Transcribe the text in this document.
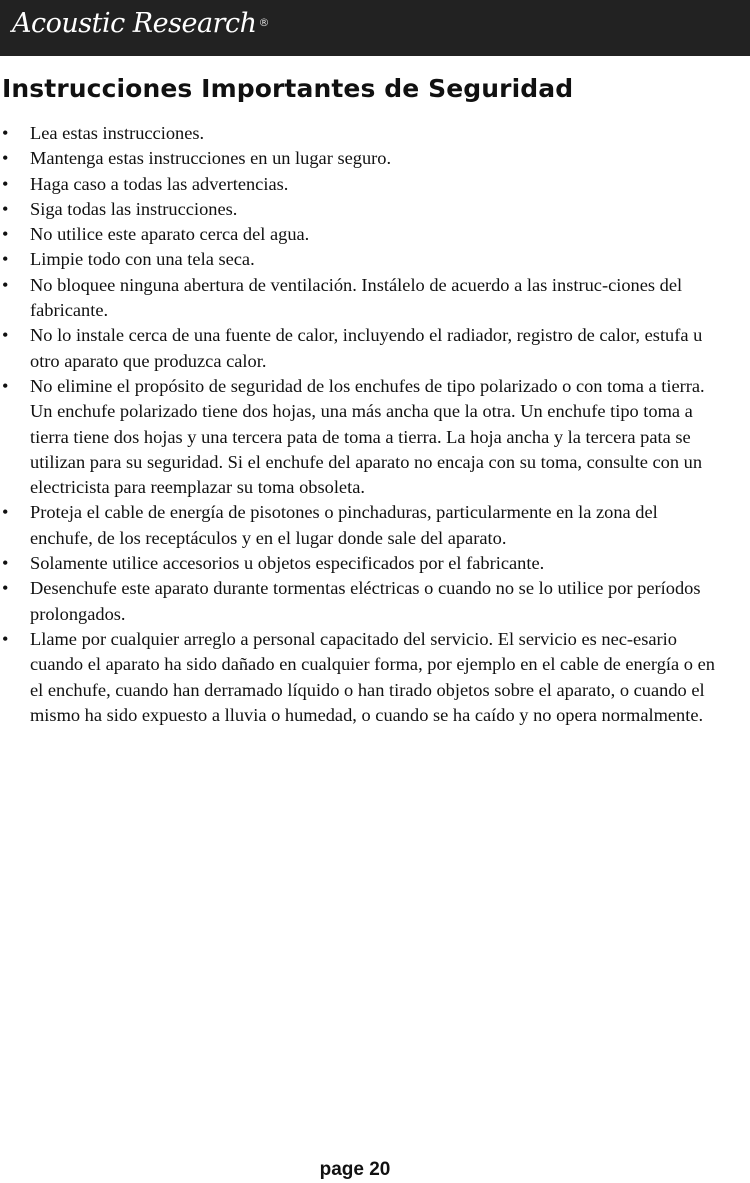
Acoustic Research ®
Instrucciones Importantes de Seguridad
• Lea estas instrucciones.
• Mantenga estas instrucciones en un lugar seguro.
• Haga caso a todas las advertencias.
• Siga todas las instrucciones.
• No utilice este aparato cerca del agua.
• Limpie todo con una tela seca.
• No bloquee ninguna abertura de ventilación. Instálelo de acuerdo a las instruc-ciones del fabricante.
• No lo instale cerca de una fuente de calor, incluyendo el radiador, registro de calor, estufa u otro aparato que produzca calor.
• No elimine el propósito de seguridad de los enchufes de tipo polarizado o con toma a tierra. Un enchufe polarizado tiene dos hojas, una más ancha que la otra. Un enchufe tipo toma a tierra tiene dos hojas y una tercera pata de toma a tierra. La hoja ancha y la tercera pata se utilizan para su seguridad. Si el enchufe del aparato no encaja con su toma, consulte con un electricista para reemplazar su toma obsoleta.
• Proteja el cable de energía de pisotones o pinchaduras, particularmente en la zona del enchufe, de los receptáculos y en el lugar donde sale del aparato.
• Solamente utilice accesorios u objetos especificados por el fabricante.
• Desenchufe este aparato durante tormentas eléctricas o cuando no se lo utilice por períodos prolongados.
• Llame por cualquier arreglo a personal capacitado del servicio. El servicio es nec-esario cuando el aparato ha sido dañado en cualquier forma, por ejemplo en el cable de energía o en el enchufe, cuando han derramado líquido o han tirado objetos sobre el aparato, o cuando el mismo ha sido expuesto a lluvia o humedad, o cuando se ha caído y no opera normalmente.
page 20
